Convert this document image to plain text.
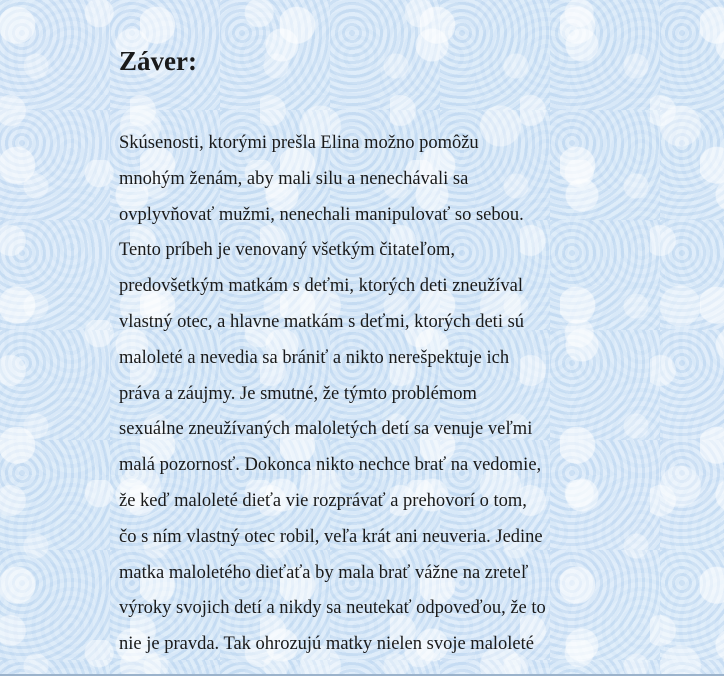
Záver:
Skúsenosti, ktorými prešla Elina možno pomôžu
mnohým ženám, aby mali silu a nenechávali sa
ovplyvňovať mužmi, nenechali manipulovať so sebou.
Tento príbeh je venovaný všetkým čitateľom,
predovšetkým matkám s deťmi, ktorých deti zneužíval
vlastný otec, a hlavne matkám s deťmi, ktorých deti sú
maloleté a nevedia sa brániť a nikto nerešpektuje ich
práva a záujmy. Je smutné, že týmto problémom
sexuálne zneužívaných maloletých detí sa venuje veľmi
malá pozornosť. Dokonca nikto nechce brať na vedomie,
že keď maloleté dieťa vie rozprávať a prehovorí o tom,
čo s ním vlastný otec robil, veľa krát ani neuveria. Jedine
matka maloletého dieťaťa by mala brať vážne na zreteľ
výroky svojich detí a nikdy sa neutekať odpoveďou, že to
nie je pravda. Tak ohrozujú matky nielen svoje maloleté
